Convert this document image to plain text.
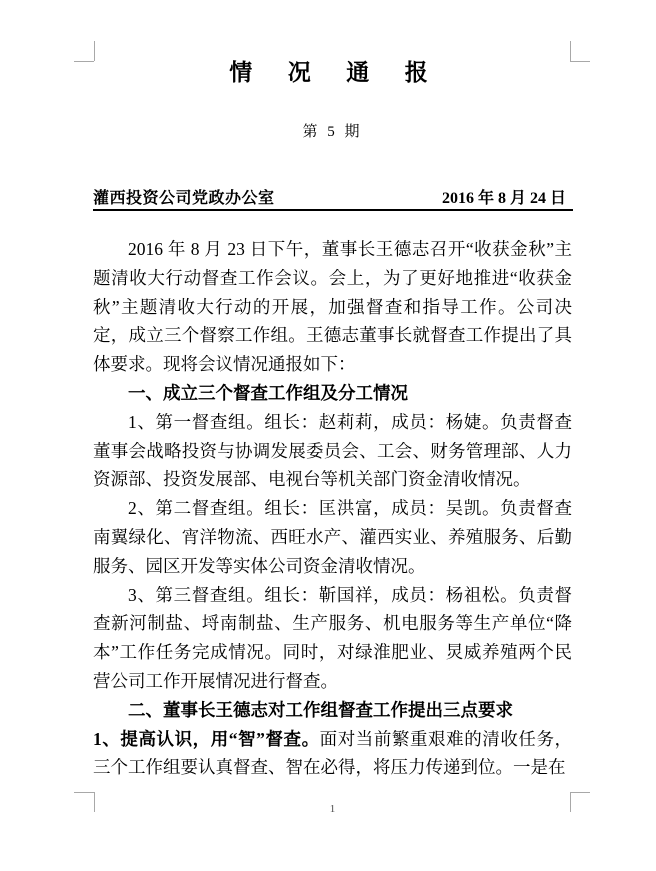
情  况  通  报
第 5 期
灌西投资公司党政办公室	2016 年 8 月 24 日

2016 年 8 月 23 日下午，董事长王德志召开“收获金秋”主题清收大行动督查工作会议。会上，为了更好地推进“收获金秋”主题清收大行动的开展，加强督查和指导工作。公司决定，成立三个督察工作组。王德志董事长就督查工作提出了具体要求。现将会议情况通报如下：

一、成立三个督查工作组及分工情况

1、第一督查组。组长：赵莉莉，成员：杨婕。负责督查董事会战略投资与协调发展委员会、工会、财务管理部、人力资源部、投资发展部、电视台等机关部门资金清收情况。

2、第二督查组。组长：匡洪富，成员：吴凯。负责督查南翼绿化、宵洋物流、西旺水产、灌西实业、养殖服务、后勤服务、园区开发等实体公司资金清收情况。

3、第三督查组。组长：靳国祥，成员：杨祖松。负责督查新河制盐、埒南制盐、生产服务、机电服务等生产单位“降本”工作任务完成情况。同时，对绿淮肥业、炅威养殖两个民营公司工作开展情况进行督查。

二、董事长王德志对工作组督查工作提出三点要求

1、提高认识，用“智”督查。面对当前繁重艰难的清收任务，三个工作组要认真督查、智在必得，将压力传递到位。一是在

1
